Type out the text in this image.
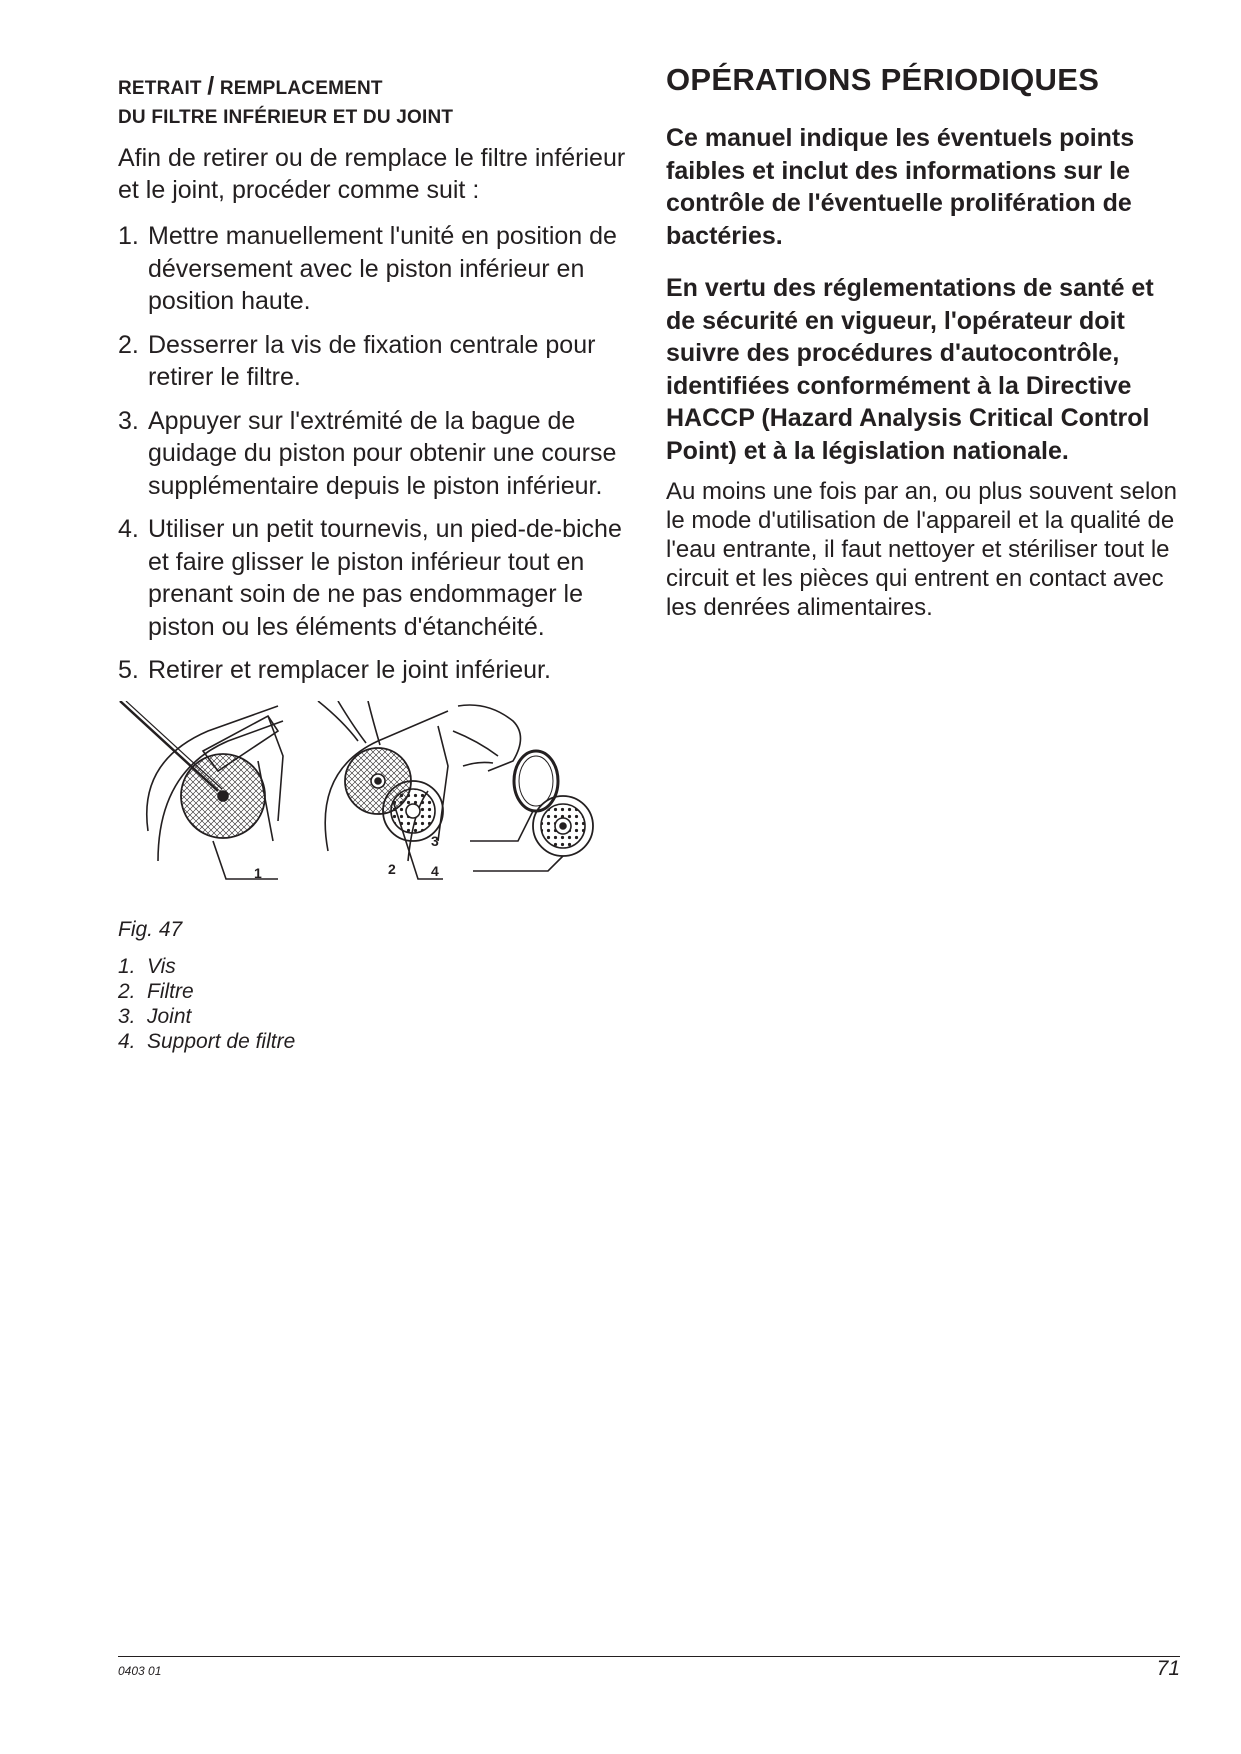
RETRAIT / REMPLACEMENT
DU FILTRE INFÉRIEUR ET DU JOINT

Afin de retirer ou de remplace le filtre inférieur et le joint, procéder comme suit :

1. Mettre manuellement l'unité en position de déversement avec le piston inférieur en position haute.
2. Desserrer la vis de fixation centrale pour retirer le filtre.
3. Appuyer sur l'extrémité de la bague de guidage du piston pour obtenir une course supplémentaire depuis le piston inférieur.
4. Utiliser un petit tournevis, un pied-de-biche et faire glisser le piston inférieur tout en prenant soin de ne pas endommager le piston ou les éléments d'étanchéité.
5. Retirer et remplacer le joint inférieur.
1	2
3
4
Fig. 47
1. Vis
2. Filtre
3. Joint
4. Support de filtre
OPÉRATIONS PÉRIODIQUES

Ce manuel indique les éventuels points faibles et inclut des informations sur le contrôle de l'éventuelle prolifération de bactéries.

En vertu des réglementations de santé et de sécurité en vigueur, l'opérateur doit suivre des procédures d'autocontrôle, identifiées conformément à la Directive HACCP (Hazard Analysis Critical Control Point) et à la législation nationale.

Au moins une fois par an, ou plus souvent selon le mode d'utilisation de l'appareil et la qualité de l'eau entrante, il faut nettoyer et stériliser tout le circuit et les pièces qui entrent en contact avec les denrées alimentaires.

0403 01	71
